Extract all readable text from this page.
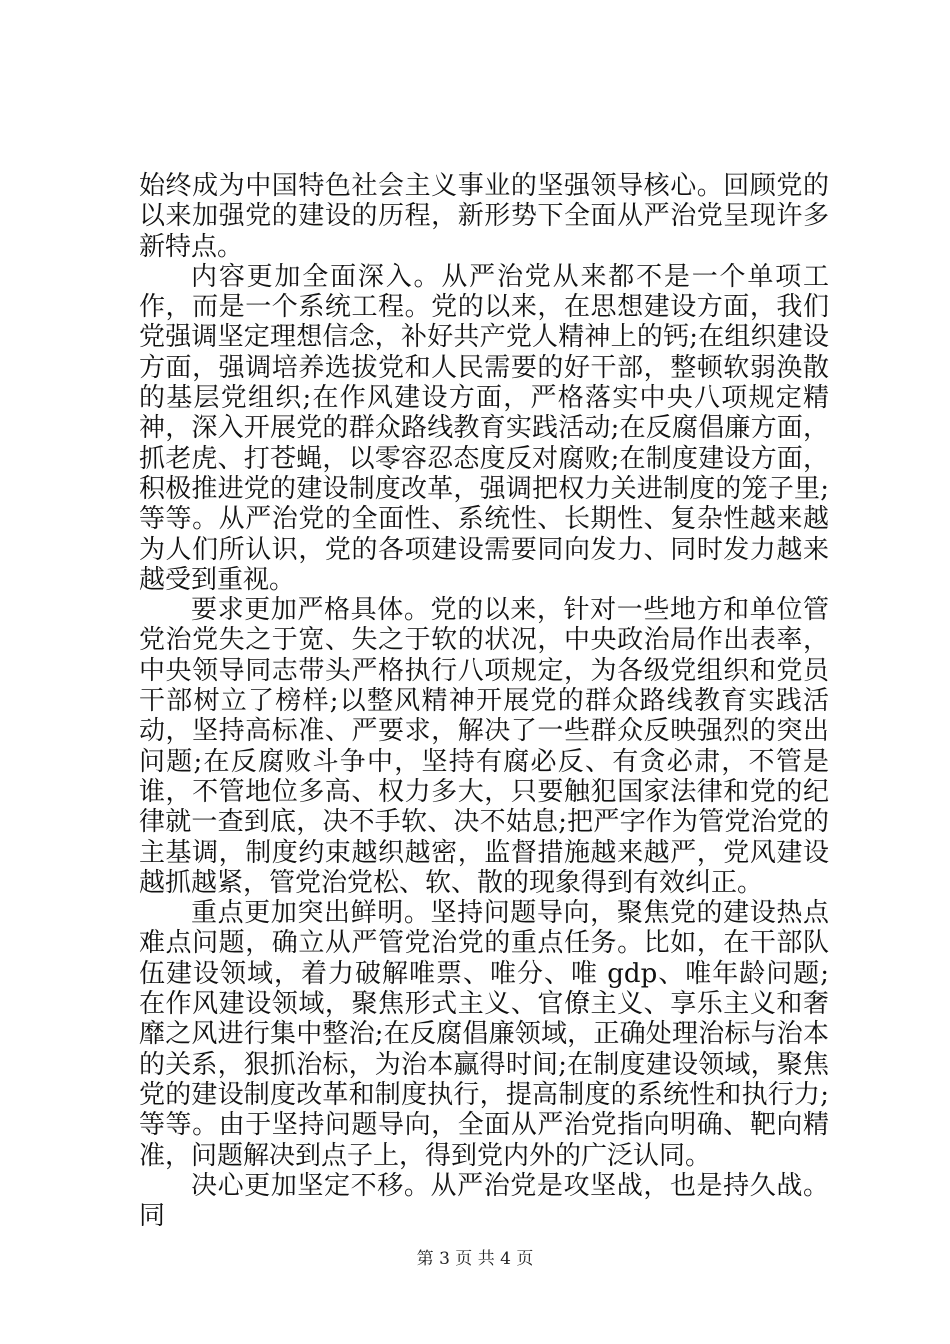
始终成为中国特色社会主义事业的坚强领导核心。回顾党的以来加强党的建设的历程，新形势下全面从严治党呈现许多新特点。

内容更加全面深入。从严治党从来都不是一个单项工作，而是一个系统工程。党的以来，在思想建设方面，我们党强调坚定理想信念，补好共产党人精神上的钙;在组织建设方面，强调培养选拔党和人民需要的好干部，整顿软弱涣散的基层党组织;在作风建设方面，严格落实中央八项规定精神，深入开展党的群众路线教育实践活动;在反腐倡廉方面，抓老虎、打苍蝇，以零容忍态度反对腐败;在制度建设方面，积极推进党的建设制度改革，强调把权力关进制度的笼子里;等等。从严治党的全面性、系统性、长期性、复杂性越来越为人们所认识，党的各项建设需要同向发力、同时发力越来越受到重视。

要求更加严格具体。党的以来，针对一些地方和单位管党治党失之于宽、失之于软的状况，中央政治局作出表率，中央领导同志带头严格执行八项规定，为各级党组织和党员干部树立了榜样;以整风精神开展党的群众路线教育实践活动，坚持高标准、严要求，解决了一些群众反映强烈的突出问题;在反腐败斗争中，坚持有腐必反、有贪必肃，不管是谁，不管地位多高、权力多大，只要触犯国家法律和党的纪律就一查到底，决不手软、决不姑息;把严字作为管党治党的主基调，制度约束越织越密，监督措施越来越严，党风建设越抓越紧，管党治党松、软、散的现象得到有效纠正。

重点更加突出鲜明。坚持问题导向，聚焦党的建设热点难点问题，确立从严管党治党的重点任务。比如，在干部队伍建设领域，着力破解唯票、唯分、唯 gdp、唯年龄问题;在作风建设领域，聚焦形式主义、官僚主义、享乐主义和奢靡之风进行集中整治;在反腐倡廉领域，正确处理治标与治本的关系，狠抓治标，为治本赢得时间;在制度建设领域，聚焦党的建设制度改革和制度执行，提高制度的系统性和执行力;等等。由于坚持问题导向，全面从严治党指向明确、靶向精准，问题解决到点子上，得到党内外的广泛认同。

决心更加坚定不移。从严治党是攻坚战，也是持久战。同

第 3 页 共 4 页
